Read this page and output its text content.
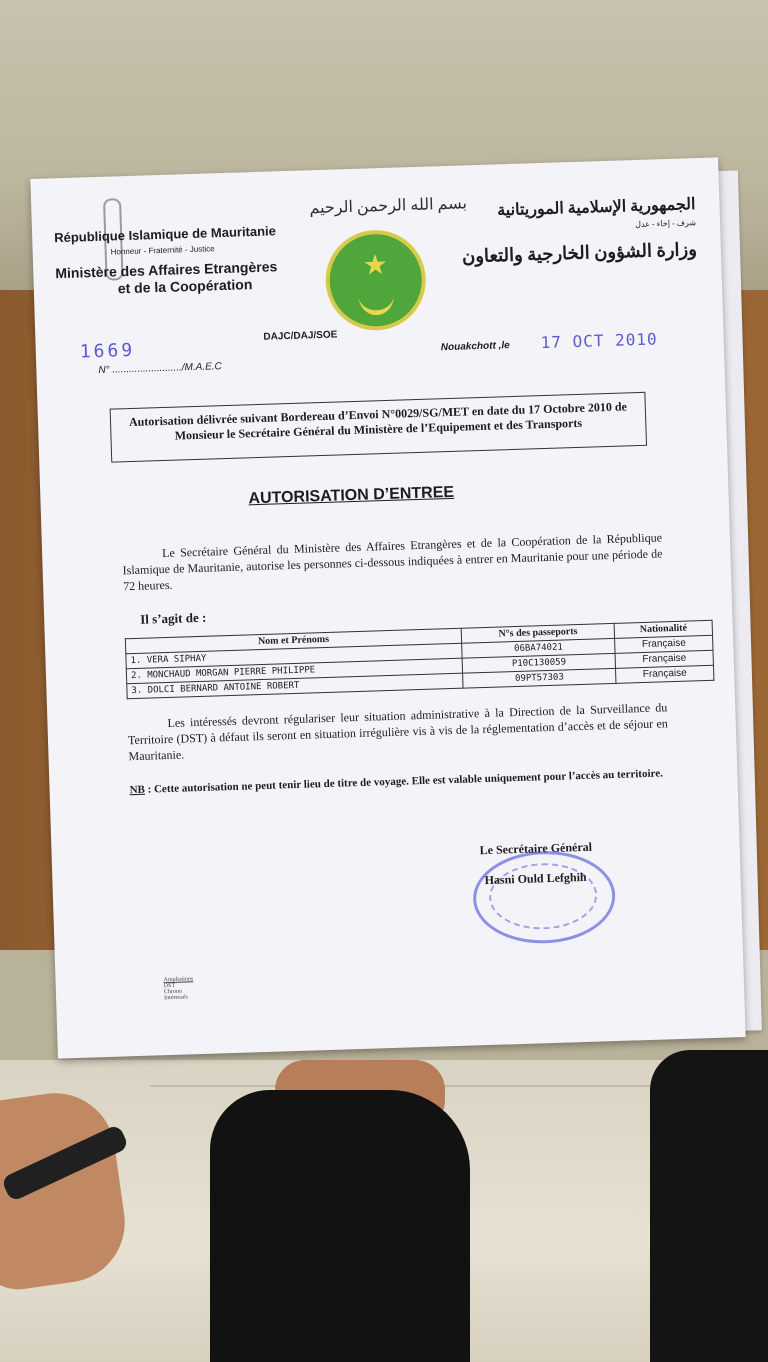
République Islamique de Mauritanie
Honneur - Fraternité - Justice
Ministère des Affaires Etrangères
et de la Coopération
بسم الله الرحمن الرحيم
★
الجمهورية الإسلامية الموريتانية
شرف - إخاء - عدل
وزارة الشؤون الخارجية والتعاون
1669
N° ........................./M.A.E.C
DAJC/DAJ/SOE
Nouakchott ,le 17 OCT 2010
Autorisation délivrée suivant Bordereau d’Envoi N°0029/SG/MET en date du 17 Octobre 2010 de Monsieur le Secrétaire Général du Ministère de l’Equipement et des Transports
AUTORISATION D’ENTREE
Le Secrétaire Général du Ministère des Affaires Etrangères et de la Coopération de la République Islamique de Mauritanie, autorise les personnes ci-dessous indiquées à entrer en Mauritanie pour une période de 72 heures.
Il s’agit de :
Nom et Prénoms	N°s des passeports	Nationalité
1. VERA SIPHAY	06BA74021	Française
2. MONCHAUD MORGAN PIERRE PHILIPPE	P10C130059	Française
3. DOLCI BERNARD ANTOINE ROBERT	09PT57303	Française
Les intéressés devront régulariser leur situation administrative à la Direction de la Surveillance du Territoire (DST) à défaut ils seront en situation irrégulière vis à vis de la réglementation d’accès et de séjour en Mauritanie.
NB : Cette autorisation ne peut tenir lieu de titre de voyage. Elle est valable uniquement pour l’accès au territoire.
Le Secrétaire Général
Hasni Ould Lefghih
Ampliations
DST
Chrono
Intéressés
